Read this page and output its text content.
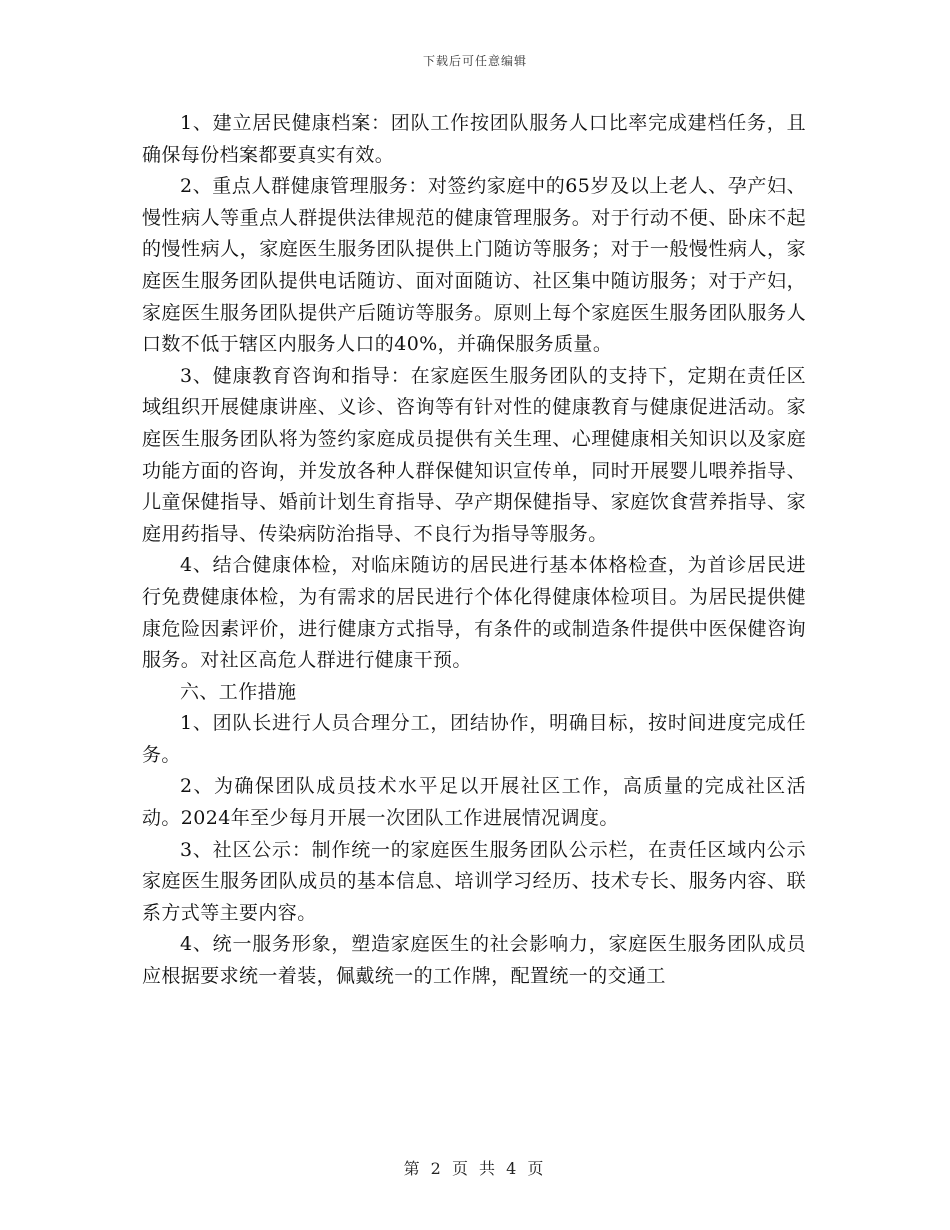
下载后可任意编辑

1、建立居民健康档案：团队工作按团队服务人口比率完成建档任务，且确保每份档案都要真实有效。

2、重点人群健康管理服务：对签约家庭中的65岁及以上老人、孕产妇、慢性病人等重点人群提供法律规范的健康管理服务。对于行动不便、卧床不起的慢性病人，家庭医生服务团队提供上门随访等服务；对于一般慢性病人，家庭医生服务团队提供电话随访、面对面随访、社区集中随访服务；对于产妇，家庭医生服务团队提供产后随访等服务。原则上每个家庭医生服务团队服务人口数不低于辖区内服务人口的40%，并确保服务质量。

3、健康教育咨询和指导：在家庭医生服务团队的支持下，定期在责任区域组织开展健康讲座、义诊、咨询等有针对性的健康教育与健康促进活动。家庭医生服务团队将为签约家庭成员提供有关生理、心理健康相关知识以及家庭功能方面的咨询，并发放各种人群保健知识宣传单，同时开展婴儿喂养指导、儿童保健指导、婚前计划生育指导、孕产期保健指导、家庭饮食营养指导、家庭用药指导、传染病防治指导、不良行为指导等服务。

4、结合健康体检，对临床随访的居民进行基本体格检查，为首诊居民进行免费健康体检，为有需求的居民进行个体化得健康体检项目。为居民提供健康危险因素评价，进行健康方式指导，有条件的或制造条件提供中医保健咨询服务。对社区高危人群进行健康干预。

六、工作措施

1、团队长进行人员合理分工，团结协作，明确目标，按时间进度完成任务。

2、为确保团队成员技术水平足以开展社区工作，高质量的完成社区活动。2024年至少每月开展一次团队工作进展情况调度。

3、社区公示：制作统一的家庭医生服务团队公示栏，在责任区域内公示家庭医生服务团队成员的基本信息、培训学习经历、技术专长、服务内容、联系方式等主要内容。

4、统一服务形象，塑造家庭医生的社会影响力，家庭医生服务团队成员应根据要求统一着装，佩戴统一的工作牌，配置统一的交通工

第 2 页 共 4 页
